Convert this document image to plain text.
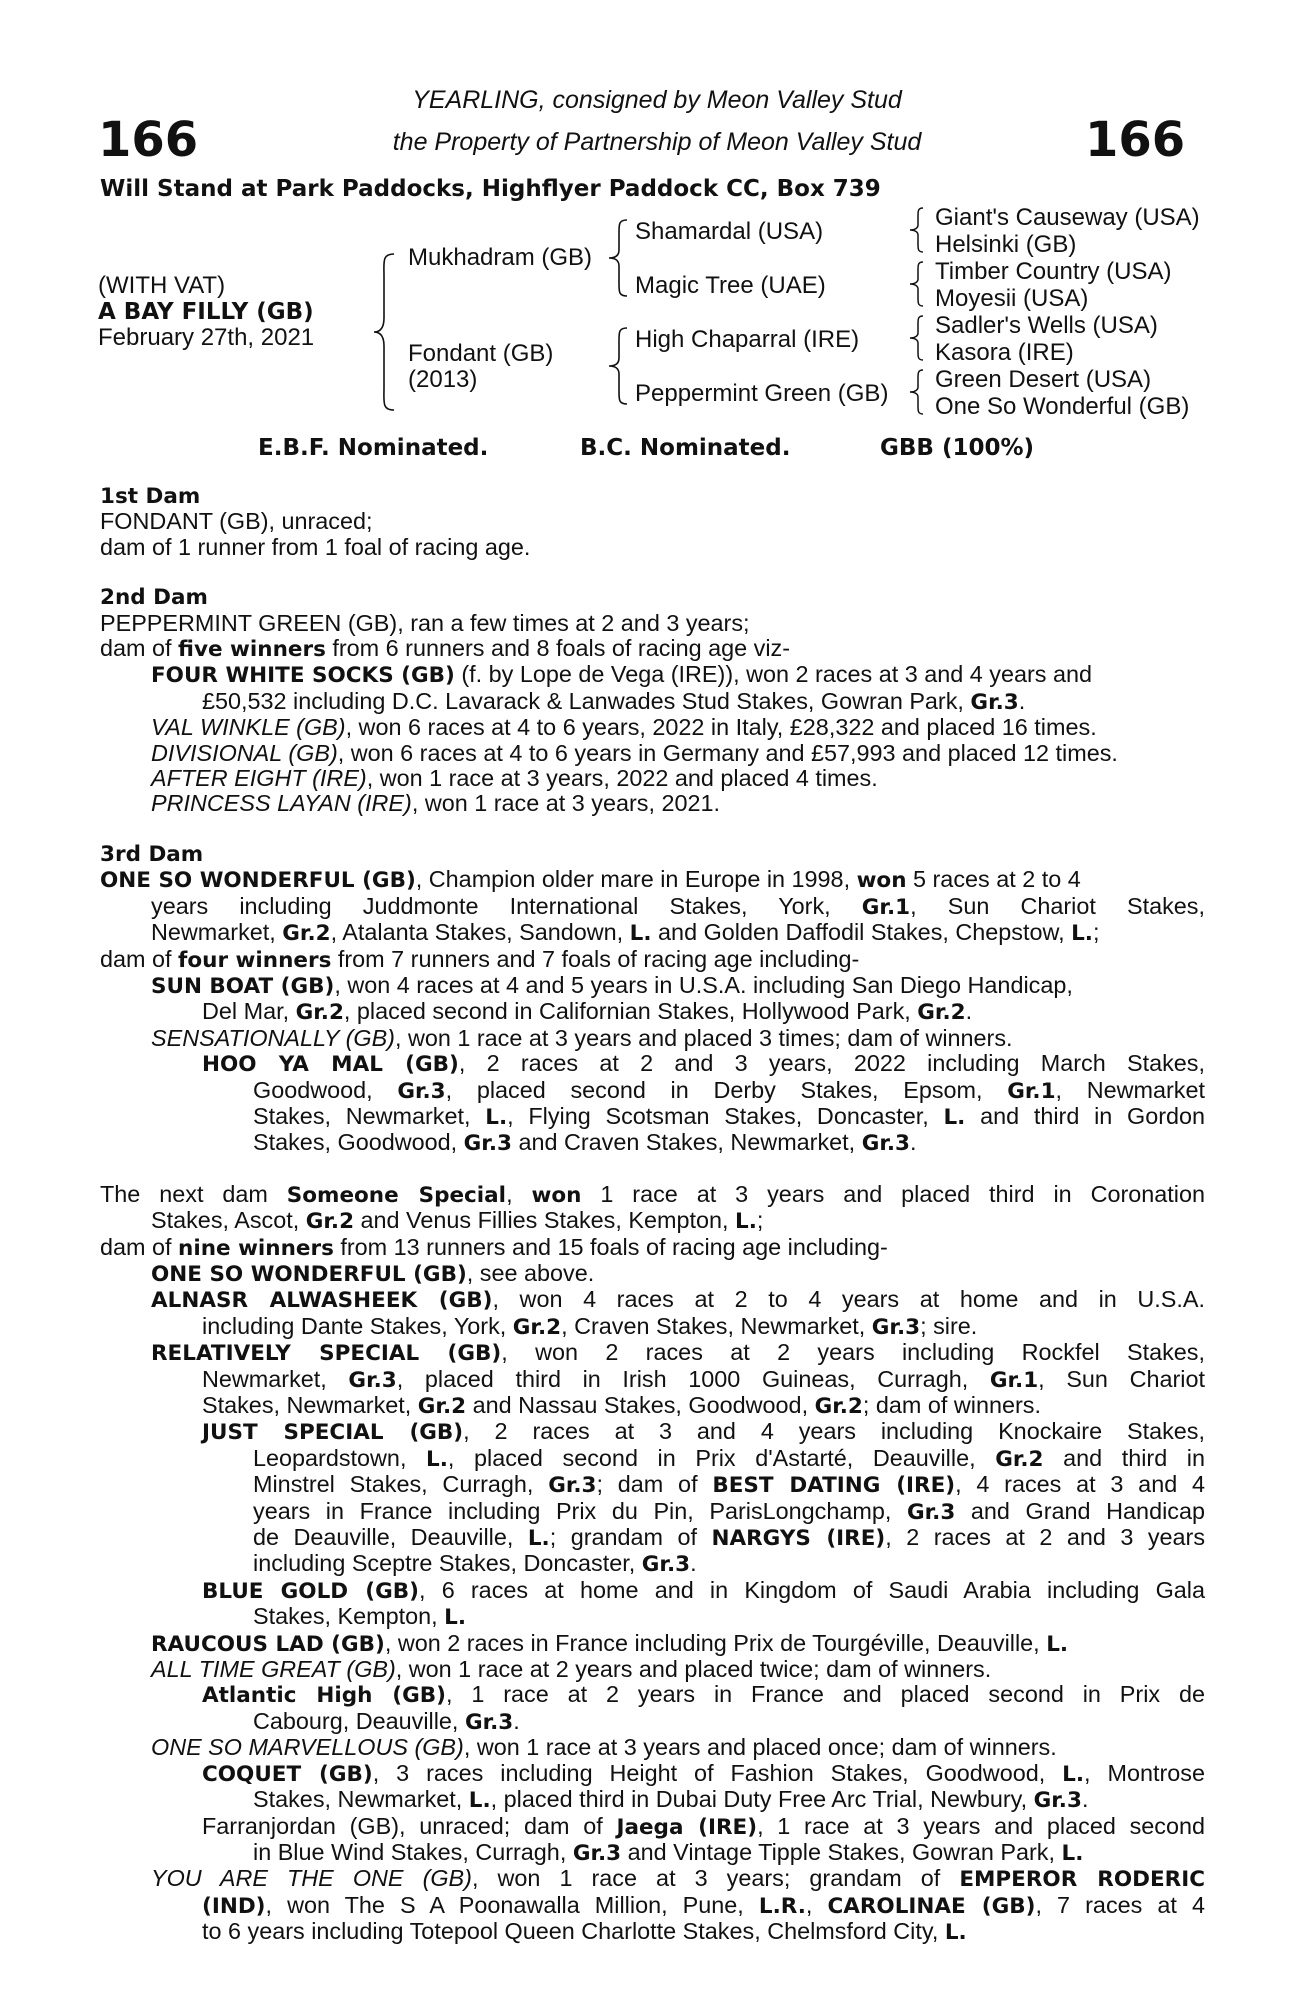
166	166
YEARLING, consigned by Meon Valley Stud
the Property of Partnership of Meon Valley Stud
Will Stand at Park Paddocks, Highflyer Paddock CC, Box 739
(WITH VAT)
A BAY FILLY (GB)
February 27th, 2021
Mukhadram (GB)
Fondant (GB)
(2013)
Shamardal (USA)
Magic Tree (UAE)
High Chaparral (IRE)
Peppermint Green (GB)
Giant's Causeway (USA)
Helsinki (GB)
Timber Country (USA)
Moyesii (USA)
Sadler's Wells (USA)
Kasora (IRE)
Green Desert (USA)
One So Wonderful (GB)
E.B.F. Nominated.	B.C. Nominated.	GBB (100%)
1st Dam
FONDANT (GB), unraced;
dam of 1 runner from 1 foal of racing age.
2nd Dam
PEPPERMINT GREEN (GB), ran a few times at 2 and 3 years;
dam of five winners from 6 runners and 8 foals of racing age viz-
FOUR WHITE SOCKS (GB) (f. by Lope de Vega (IRE)), won 2 races at 3 and 4 years and
£50,532 including D.C. Lavarack & Lanwades Stud Stakes, Gowran Park, Gr.3.
VAL WINKLE (GB), won 6 races at 4 to 6 years, 2022 in Italy, £28,322 and placed 16 times.
DIVISIONAL (GB), won 6 races at 4 to 6 years in Germany and £57,993 and placed 12 times.
AFTER EIGHT (IRE), won 1 race at 3 years, 2022 and placed 4 times.
PRINCESS LAYAN (IRE), won 1 race at 3 years, 2021.
3rd Dam
ONE SO WONDERFUL (GB), Champion older mare in Europe in 1998, won 5 races at 2 to 4
years including Juddmonte International Stakes, York, Gr.1, Sun Chariot Stakes,
Newmarket, Gr.2, Atalanta Stakes, Sandown, L. and Golden Daffodil Stakes, Chepstow, L.;
dam of four winners from 7 runners and 7 foals of racing age including-
SUN BOAT (GB), won 4 races at 4 and 5 years in U.S.A. including San Diego Handicap,
Del Mar, Gr.2, placed second in Californian Stakes, Hollywood Park, Gr.2.
SENSATIONALLY (GB), won 1 race at 3 years and placed 3 times; dam of winners.
HOO YA MAL (GB), 2 races at 2 and 3 years, 2022 including March Stakes,
Goodwood, Gr.3, placed second in Derby Stakes, Epsom, Gr.1, Newmarket
Stakes, Newmarket, L., Flying Scotsman Stakes, Doncaster, L. and third in Gordon
Stakes, Goodwood, Gr.3 and Craven Stakes, Newmarket, Gr.3.
The next dam Someone Special, won 1 race at 3 years and placed third in Coronation
Stakes, Ascot, Gr.2 and Venus Fillies Stakes, Kempton, L.;
dam of nine winners from 13 runners and 15 foals of racing age including-
ONE SO WONDERFUL (GB), see above.
ALNASR ALWASHEEK (GB), won 4 races at 2 to 4 years at home and in U.S.A.
including Dante Stakes, York, Gr.2, Craven Stakes, Newmarket, Gr.3; sire.
RELATIVELY SPECIAL (GB), won 2 races at 2 years including Rockfel Stakes,
Newmarket, Gr.3, placed third in Irish 1000 Guineas, Curragh, Gr.1, Sun Chariot
Stakes, Newmarket, Gr.2 and Nassau Stakes, Goodwood, Gr.2; dam of winners.
JUST SPECIAL (GB), 2 races at 3 and 4 years including Knockaire Stakes,
Leopardstown, L., placed second in Prix d'Astarté, Deauville, Gr.2 and third in
Minstrel Stakes, Curragh, Gr.3; dam of BEST DATING (IRE), 4 races at 3 and 4
years in France including Prix du Pin, ParisLongchamp, Gr.3 and Grand Handicap
de Deauville, Deauville, L.; grandam of NARGYS (IRE), 2 races at 2 and 3 years
including Sceptre Stakes, Doncaster, Gr.3.
BLUE GOLD (GB), 6 races at home and in Kingdom of Saudi Arabia including Gala
Stakes, Kempton, L.
RAUCOUS LAD (GB), won 2 races in France including Prix de Tourgéville, Deauville, L.
ALL TIME GREAT (GB), won 1 race at 2 years and placed twice; dam of winners.
Atlantic High (GB), 1 race at 2 years in France and placed second in Prix de
Cabourg, Deauville, Gr.3.
ONE SO MARVELLOUS (GB), won 1 race at 3 years and placed once; dam of winners.
COQUET (GB), 3 races including Height of Fashion Stakes, Goodwood, L., Montrose
Stakes, Newmarket, L., placed third in Dubai Duty Free Arc Trial, Newbury, Gr.3.
Farranjordan (GB), unraced; dam of Jaega (IRE), 1 race at 3 years and placed second
in Blue Wind Stakes, Curragh, Gr.3 and Vintage Tipple Stakes, Gowran Park, L.
YOU ARE THE ONE (GB), won 1 race at 3 years; grandam of EMPEROR RODERIC
(IND), won The S A Poonawalla Million, Pune, L.R., CAROLINAE (GB), 7 races at 4
to 6 years including Totepool Queen Charlotte Stakes, Chelmsford City, L.
